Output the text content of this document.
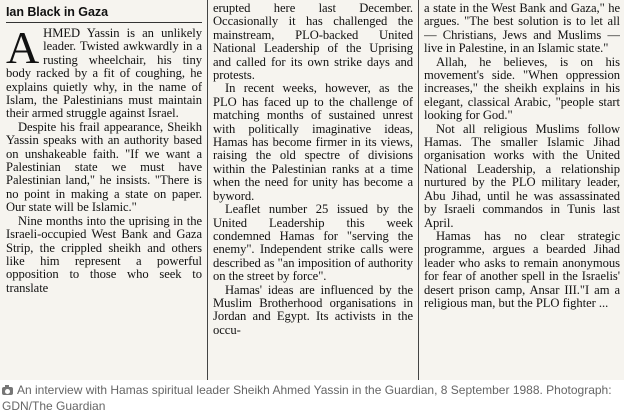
Ian Black in Gaza

AHMED Yassin is an unlikely leader. Twisted awkwardly in a rusting wheelchair, his tiny body racked by a fit of coughing, he explains quietly why, in the name of Islam, the Palestinians must maintain their armed struggle against Israel.

Despite his frail appearance, Sheikh Yassin speaks with an authority based on unshakeable faith. "If we want a Palestinian state we must have Palestinian land," he insists. "There is no point in making a state on paper. Our state will be Islamic."

Nine months into the uprising in the Israeli-occupied West Bank and Gaza Strip, the crippled sheikh and others like him represent a powerful opposition to those who seek to translate

erupted here last December. Occasionally it has challenged the mainstream, PLO-backed United National Leadership of the Uprising and called for its own strike days and protests.

In recent weeks, however, as the PLO has faced up to the challenge of matching months of sustained unrest with politically imaginative ideas, Hamas has become firmer in its views, raising the old spectre of divisions within the Palestinian ranks at a time when the need for unity has become a byword.

Leaflet number 25 issued by the United Leadership this week condemned Hamas for "serving the enemy". Independent strike calls were described as "an imposition of authority on the street by force".

Hamas' ideas are influenced by the Muslim Brotherhood organisations in Jordan and Egypt. Its activists in the occu-

a state in the West Bank and Gaza," he argues. "The best solution is to let all — Christians, Jews and Muslims — live in Palestine, in an Islamic state."

Allah, he believes, is on his movement's side. "When oppression increases," the sheikh explains in his elegant, classical Arabic, "people start looking for God."

Not all religious Muslims follow Hamas. The smaller Islamic Jihad organisation works with the United National Leadership, a relationship nurtured by the PLO military leader, Abu Jihad, until he was assassinated by Israeli commandos in Tunis last April.

Hamas has no clear strategic programme, argues a bearded Jihad leader who asks to remain anonymous for fear of another spell in the Israelis' desert prison camp, Ansar III."I am a religious man, but the PLO fighter ...

An interview with Hamas spiritual leader Sheikh Ahmed Yassin in the Guardian, 8 September 1988. Photograph: GDN/The Guardian
